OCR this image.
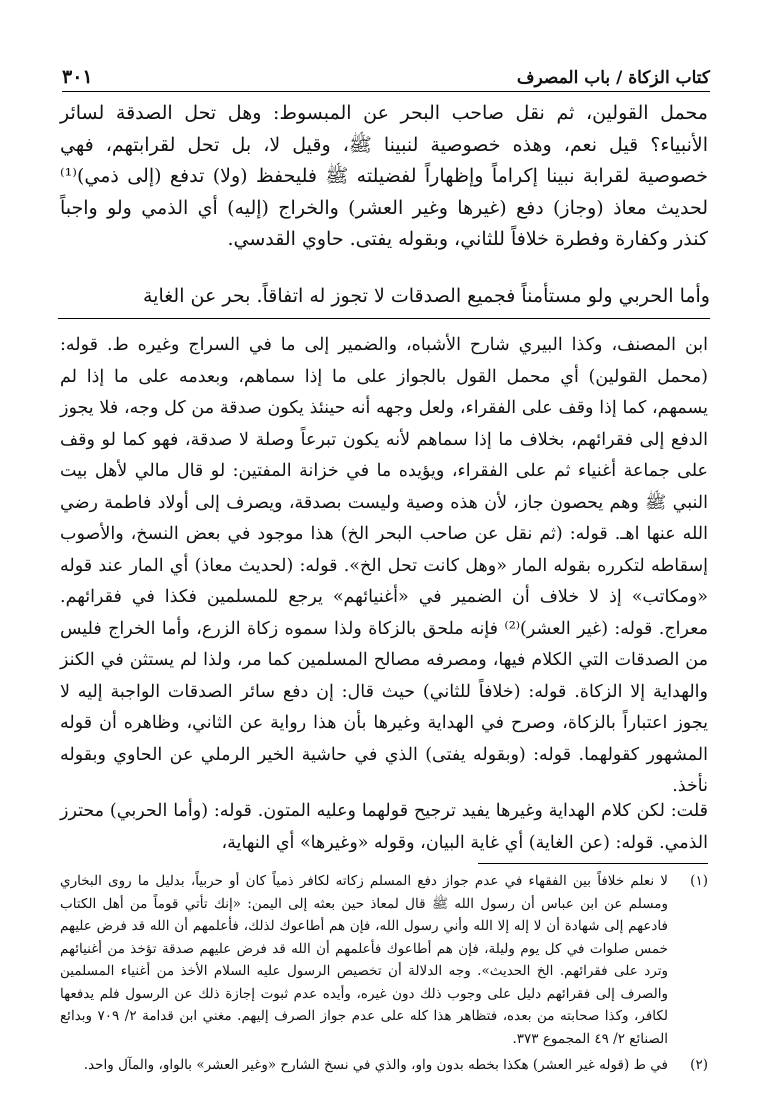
كتاب الزكاة / باب المصرف
٣٠١
محمل القولين، ثم نقل صاحب البحر عن المبسوط: وهل تحل الصدقة لسائر الأنبياء؟ قيل نعم، وهذه خصوصية لنبينا ﷺ، وقيل لا، بل تحل لقرابتهم، فهي خصوصية لقرابة نبينا إكراماً وإظهاراً لفضيلته ﷺ فليحفظ (ولا) تدفع (إلى ذمي)⁽¹⁾ لحديث معاذ (وجاز) دفع (غيرها وغير العشر) والخراج (إليه) أي الذمي ولو واجباً كنذر وكفارة وفطرة خلافاً للثاني، وبقوله يفتى. حاوي القدسي.
وأما الحربي ولو مستأمناً فجميع الصدقات لا تجوز له اتفاقاً. بحر عن الغاية
ابن المصنف، وكذا البيري شارح الأشباه، والضمير إلى ما في السراج وغيره ط. قوله: (محمل القولين) أي محمل القول بالجواز على ما إذا سماهم، وبعدمه على ما إذا لم يسمهم، كما إذا وقف على الفقراء، ولعل وجهه أنه حينئذ يكون صدقة من كل وجه، فلا يجوز الدفع إلى فقرائهم، بخلاف ما إذا سماهم لأنه يكون تبرعاً وصلة لا صدقة، فهو كما لو وقف على جماعة أغنياء ثم على الفقراء، ويؤيده ما في خزانة المفتين: لو قال مالي لأهل بيت النبي ﷺ وهم يحصون جاز، لأن هذه وصية وليست بصدقة، ويصرف إلى أولاد فاطمة رضي الله عنها اهـ. قوله: (ثم نقل عن صاحب البحر الخ) هذا موجود في بعض النسخ، والأصوب إسقاطه لتكرره بقوله المار «وهل كانت تحل الخ». قوله: (لحديث معاذ) أي المار عند قوله «ومكاتب» إذ لا خلاف أن الضمير في «أغنيائهم» يرجع للمسلمين فكذا في فقرائهم. معراج. قوله: (غير العشر)⁽²⁾ فإنه ملحق بالزكاة ولذا سموه زكاة الزرع، وأما الخراج فليس من الصدقات التي الكلام فيها، ومصرفه مصالح المسلمين كما مر، ولذا لم يستثن في الكنز والهداية إلا الزكاة. قوله: (خلافاً للثاني) حيث قال: إن دفع سائر الصدقات الواجبة إليه لا يجوز اعتباراً بالزكاة، وصرح في الهداية وغيرها بأن هذا رواية عن الثاني، وظاهره أن قوله المشهور كقولهما. قوله: (وبقوله يفتى) الذي في حاشية الخير الرملي عن الحاوي وبقوله نأخذ.
قلت: لكن كلام الهداية وغيرها يفيد ترجيح قولهما وعليه المتون. قوله: (وأما الحربي) محترز الذمي. قوله: (عن الغاية) أي غاية البيان، وقوله «وغيرها» أي النهاية،
(١)
لا نعلم خلافاً بين الفقهاء في عدم جواز دفع المسلم زكاته لكافر ذمياً كان أو حربياً، بدليل ما روى البخاري ومسلم عن ابن عباس أن رسول الله ﷺ قال لمعاذ حين بعثه إلى اليمن: «إنك تأتي قوماً من أهل الكتاب فادعهم إلى شهادة أن لا إله إلا الله وأني رسول الله، فإن هم أطاعوك لذلك، فأعلمهم أن الله قد فرض عليهم خمس صلوات في كل يوم وليلة، فإن هم أطاعوك فأعلمهم أن الله قد فرض عليهم صدقة تؤخذ من أغنيائهم وترد على فقرائهم. الخ الحديث». وجه الدلالة أن تخصيص الرسول عليه السلام الأخذ من أغنياء المسلمين والصرف إلى فقرائهم دليل على وجوب ذلك دون غيره، وأيده عدم ثبوت إجازة ذلك عن الرسول فلم يدفعها لكافر، وكذا صحابته من بعده، فتظاهر هذا كله على عدم جواز الصرف إليهم. مغني ابن قدامة ٢/ ٧٠٩ وبدائع الصنائع ٢/ ٤٩ المجموع ٣٧٣.
(٢)
في ط (قوله غير العشر) هكذا بخطه بدون واو، والذي في نسخ الشارح «وغير العشر» بالواو، والمآل واحد.
